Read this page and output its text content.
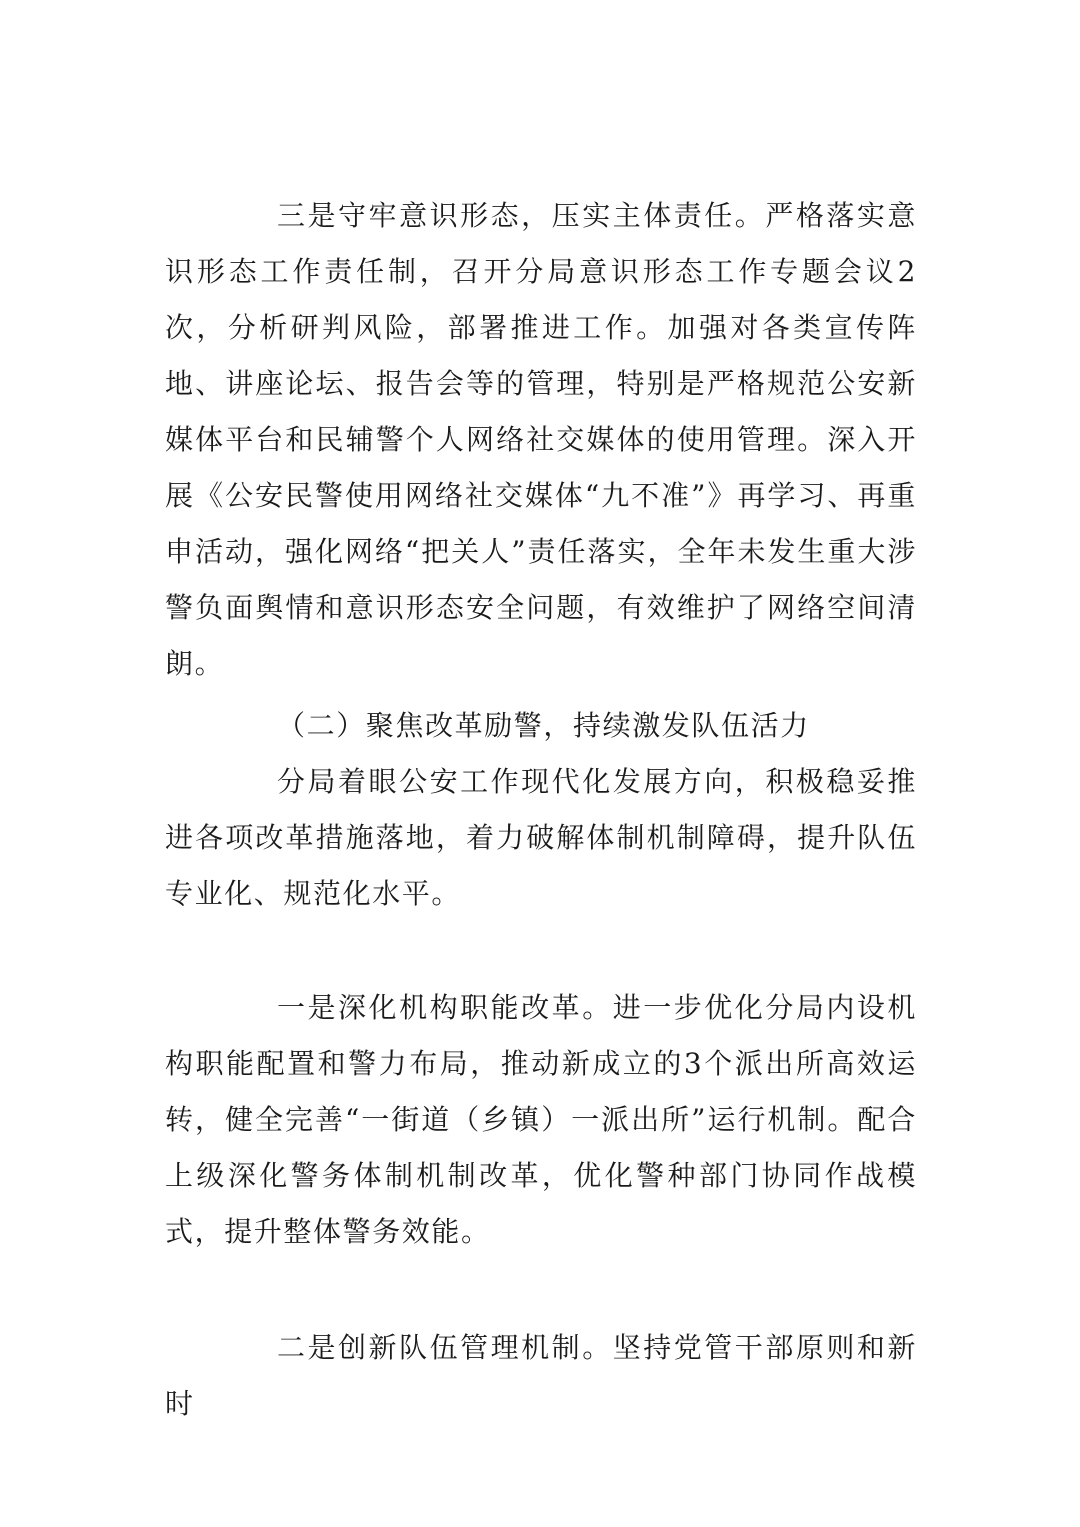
三是守牢意识形态，压实主体责任。严格落实意识形态工作责任制，召开分局意识形态工作专题会议2次，分析研判风险，部署推进工作。加强对各类宣传阵地、讲座论坛、报告会等的管理，特别是严格规范公安新媒体平台和民辅警个人网络社交媒体的使用管理。深入开展《公安民警使用网络社交媒体“九不准”》再学习、再重申活动，强化网络“把关人”责任落实，全年未发生重大涉警负面舆情和意识形态安全问题，有效维护了网络空间清朗。

（二）聚焦改革励警，持续激发队伍活力

分局着眼公安工作现代化发展方向，积极稳妥推进各项改革措施落地，着力破解体制机制障碍，提升队伍专业化、规范化水平。

一是深化机构职能改革。进一步优化分局内设机构职能配置和警力布局，推动新成立的3个派出所高效运转，健全完善“一街道（乡镇）一派出所”运行机制。配合上级深化警务体制机制改革，优化警种部门协同作战模式，提升整体警务效能。

二是创新队伍管理机制。坚持党管干部原则和新时
